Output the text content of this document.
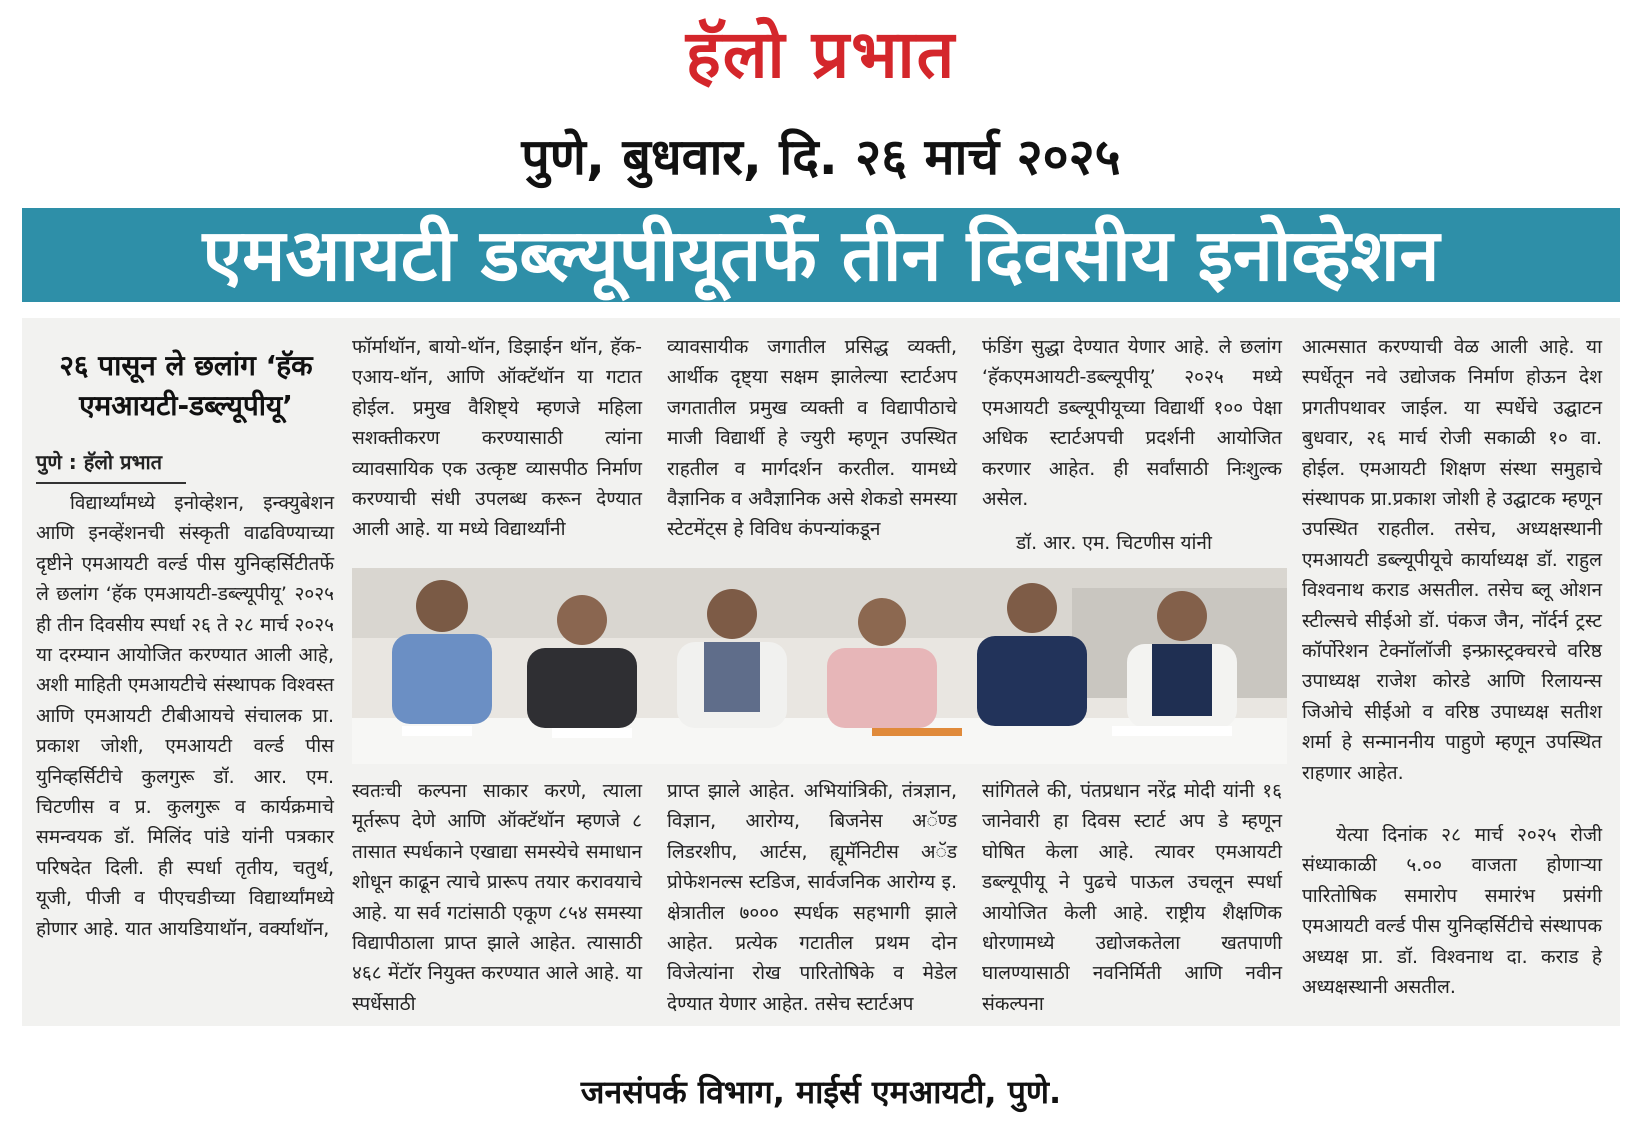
हॅलो प्रभात
पुणे, बुधवार, दि. २६ मार्च २०२५
एमआयटी डब्ल्यूपीयूतर्फे तीन दिवसीय इनोव्हेशन
२६ पासून ले छलांग ‘हॅक एमआयटी-डब्ल्यूपीयू’
पुणे : हॅलो प्रभात
विद्यार्थ्यांमध्ये इनोव्हेशन, इन्क्युबेशन आणि इनव्हेंशनची संस्कृती वाढविण्याच्या दृष्टीने एमआयटी वर्ल्ड पीस युनिव्हर्सिटीतर्फे ले छलांग ‘हॅक एमआयटी-डब्ल्यूपीयू’ २०२५ ही तीन दिवसीय स्पर्धा २६ ते २८ मार्च २०२५ या दरम्यान आयोजित करण्यात आली आहे, अशी माहिती एमआयटीचे संस्थापक विश्वस्त आणि एमआयटी टीबीआयचे संचालक प्रा. प्रकाश जोशी, एमआयटी वर्ल्ड पीस युनिव्हर्सिटीचे कुलगुरू डॉ. आर. एम. चिटणीस व प्र. कुलगुरू व कार्यक्रमाचे समन्वयक डॉ. मिलिंद पांडे यांनी पत्रकार परिषदेत दिली. ही स्पर्धा तृतीय, चतुर्थ, यूजी, पीजी व पीएचडीच्या विद्यार्थ्यांमध्ये होणार आहे. यात आयडियाथॉन, वर्क्याथॉन,
फॉर्माथॉन, बायो-थॉन, डिझाईन थॉन, हॅक-एआय-थॉन, आणि ऑक्टॅथॉन या गटात होईल. प्रमुख वैशिष्ट्ये म्हणजे महिला सशक्तीकरण करण्यासाठी त्यांना व्यावसायिक एक उत्कृष्ट व्यासपीठ निर्माण करण्याची संधी उपलब्ध करून देण्यात आली आहे. या मध्ये विद्यार्थ्यांनी
व्यावसायीक जगातील प्रसिद्ध व्यक्ती, आर्थीक दृष्ट्या सक्षम झालेल्या स्टार्टअप जगतातील प्रमुख व्यक्ती व विद्यापीठाचे माजी विद्यार्थी हे ज्युरी म्हणून उपस्थित राहतील व मार्गदर्शन करतील. यामध्ये वैज्ञानिक व अवैज्ञानिक असे शेकडो समस्या स्टेटमेंट्स हे विविध कंपन्यांकडून
फंडिंग सुद्धा देण्यात येणार आहे. ले छलांग ‘हॅकएमआयटी-डब्ल्यूपीयू’ २०२५ मध्ये एमआयटी डब्ल्यूपीयूच्या विद्यार्थी १०० पेक्षा अधिक स्टार्टअपची प्रदर्शनी आयोजित करणार आहेत. ही सर्वांसाठी निःशुल्क असेल.
डॉ. आर. एम. चिटणीस यांनी
स्वतःची कल्पना साकार करणे, त्याला मूर्तरूप देणे आणि ऑक्टॅथॉन म्हणजे ८ तासात स्पर्धकाने एखाद्या समस्येचे समाधान शोधून काढून त्याचे प्रारूप तयार करावयाचे आहे. या सर्व गटांसाठी एकूण ८५४ समस्या विद्यापीठाला प्राप्त झाले आहेत. त्यासाठी ४६८ मेंटॉर नियुक्त करण्यात आले आहे. या स्पर्धेसाठी
प्राप्त झाले आहेत. अभियांत्रिकी, तंत्रज्ञान, विज्ञान, आरोग्य, बिजनेस अॅण्ड लिडरशीप, आर्टस, ह्यूमॅनिटीस अॅड प्रोफेशनल्स स्टडिज, सार्वजनिक आरोग्य इ. क्षेत्रातील ७००० स्पर्धक सहभागी झाले आहेत. प्रत्येक गटातील प्रथम दोन विजेत्यांना रोख पारितोषिके व मेडेल देण्यात येणार आहेत. तसेच स्टार्टअप
सांगितले की, पंतप्रधान नरेंद्र मोदी यांनी १६ जानेवारी हा दिवस स्टार्ट अप डे म्हणून घोषित केला आहे. त्यावर एमआयटी डब्ल्यूपीयू ने पुढचे पाऊल उचलून स्पर्धा आयोजित केली आहे. राष्ट्रीय शैक्षणिक धोरणामध्ये उद्योजकतेला खतपाणी घालण्यासाठी नवनिर्मिती आणि नवीन संकल्पना
आत्मसात करण्याची वेळ आली आहे. या स्पर्धेतून नवे उद्योजक निर्माण होऊन देश प्रगतीपथावर जाईल. या स्पर्धेचे उद्घाटन बुधवार, २६ मार्च रोजी सकाळी १० वा. होईल. एमआयटी शिक्षण संस्था समुहाचे संस्थापक प्रा.प्रकाश जोशी हे उद्घाटक म्हणून उपस्थित राहतील. तसेच, अध्यक्षस्थानी एमआयटी डब्ल्यूपीयूचे कार्याध्यक्ष डॉ. राहुल विश्वनाथ कराड असतील. तसेच ब्लू ओशन स्टील्सचे सीईओ डॉ. पंकज जैन, नॉर्दर्न ट्रस्ट कॉर्पोरेशन टेक्नॉलॉजी इन्फ्रास्ट्रक्चरचे वरिष्ठ उपाध्यक्ष राजेश कोरडे आणि रिलायन्स जिओचे सीईओ व वरिष्ठ उपाध्यक्ष सतीश शर्मा हे सन्माननीय पाहुणे म्हणून उपस्थित राहणार आहेत.
येत्या दिनांक २८ मार्च २०२५ रोजी संध्याकाळी ५.०० वाजता होणाऱ्या पारितोषिक समारोप समारंभ प्रसंगी एमआयटी वर्ल्ड पीस युनिव्हर्सिटीचे संस्थापक अध्यक्ष प्रा. डॉ. विश्वनाथ दा. कराड हे अध्यक्षस्थानी असतील.
जनसंपर्क विभाग, माईर्स एमआयटी, पुणे.
